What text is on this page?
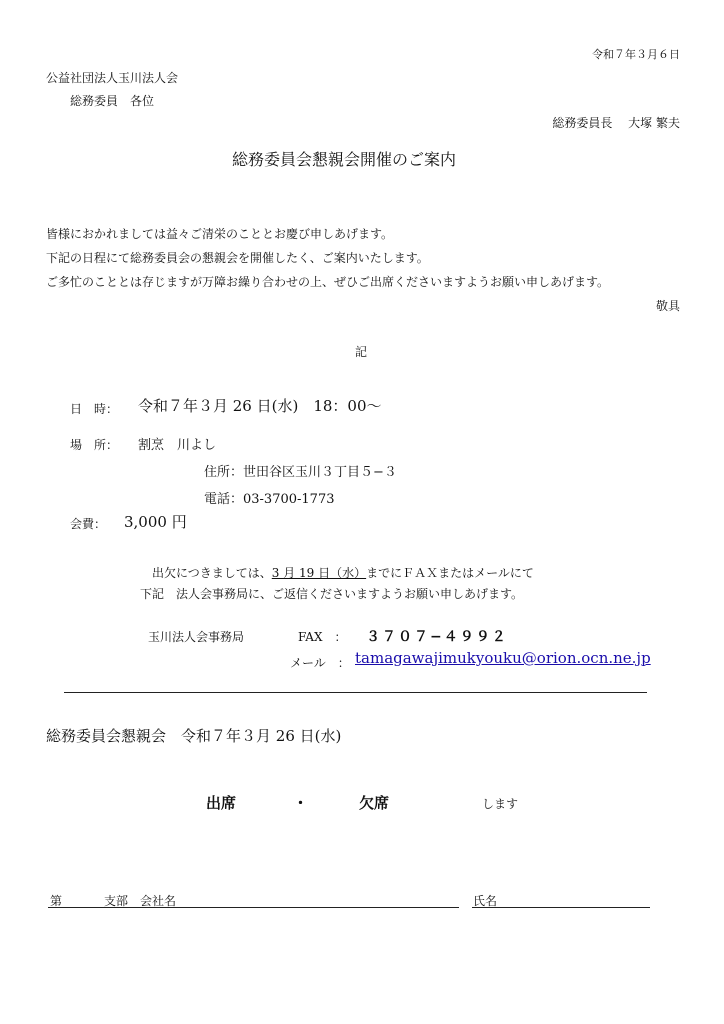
令和７年３月６日
公益社団法人玉川法人会
総務委員　各位
総務委員長　 大塚 繁夫
総務委員会懇親会開催のご案内
皆様におかれましては益々ご清栄のこととお慶び申しあげます。
下記の日程にて総務委員会の懇親会を開催したく、ご案内いたします。
ご多忙のこととは存じますが万障お繰り合わせの上、ぜひご出席くださいますようお願い申しあげます。
敬具
記
日　時： 令和７年３月 26 日(水)　18：00〜
場　所： 割烹　川よし
住所：世田谷区玉川３丁目５−３
電話：03-3700-1773
会費： 3,000 円
出欠につきましては、3 月 19 日（水）までにＦＡＸまたはメールにて
下記　法人会事務局に、ご返信くださいますようお願い申しあげます。
玉川法人会事務局	FAX　： ３７０７−４９９２
メール　： tamagawajimukyouku@orion.ocn.ne.jp
総務委員会懇親会　令和７年３月 26 日(水)
出席	・	欠席	します
第	支部 会社名	氏名
